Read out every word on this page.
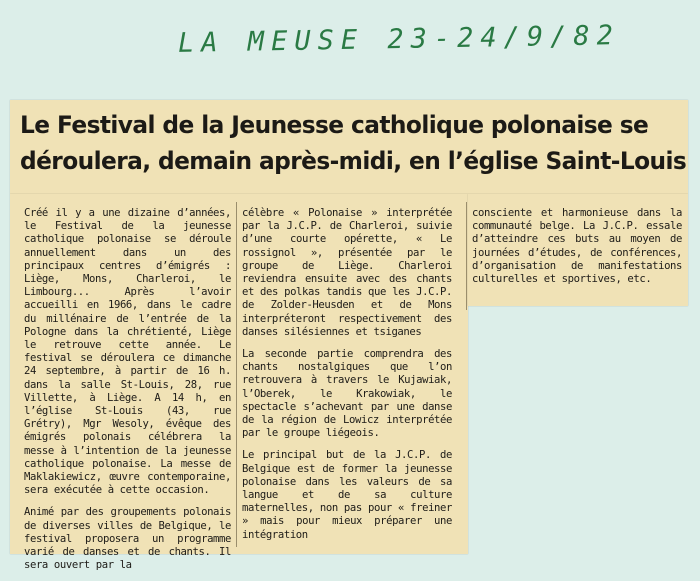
LA MEUSE 23-24/9/82
Le Festival de la Jeunesse catholique polonaise se
déroulera, demain après-midi, en l’église Saint-Louis

Créé il y a une dizaine d’années, le Festival de la jeunesse catholique polonaise se déroule annuellement dans un des principaux centres d’émigrés : Liège, Mons, Charleroi, le Limbourg... Après l’avoir accueilli en 1966, dans le cadre du millénaire de l’entrée de la Pologne dans la chrétienté, Liège le retrouve cette année. Le festival se déroulera ce dimanche 24 septembre, à partir de 16 h. dans la salle St-Louis, 28, rue Villette, à Liège. A 14 h, en l’église St-Louis (43, rue Grétry), Mgr Wesoly, évêque des émigrés polonais célébrera la messe à l’intention de la jeunesse catholique polonaise. La messe de Maklakiewicz, œuvre contemporaine, sera exécutée à cette occasion.

Animé par des groupements polonais de diverses villes de Belgique, le festival proposera un programme varié de danses et de chants. Il sera ouvert par la

célèbre « Polonaise » interprétée par la J.C.P. de Charleroi, suivie d’une courte opérette, « Le rossignol », présentée par le groupe de Liège. Charleroi reviendra ensuite avec des chants et des polkas tandis que les J.C.P. de Zolder-Heusden et de Mons interpréteront respectivement des danses silésiennes et tsiganes

La seconde partie comprendra des chants nostalgiques que l’on retrouvera à travers le Kujawiak, l’Oberek, le Krakowiak, le spectacle s’achevant par une danse de la région de Lowicz interprétée par le groupe liégeois.

Le principal but de la J.C.P. de Belgique est de former la jeunesse polonaise dans les valeurs de sa langue et de sa culture maternelles, non pas pour « freiner » mais pour mieux préparer une intégration

consciente et harmonieuse dans la communauté belge. La J.C.P. essale d’atteindre ces buts au moyen de journées d’études, de conférences, d’organisation de manifestations culturelles et sportives, etc.
